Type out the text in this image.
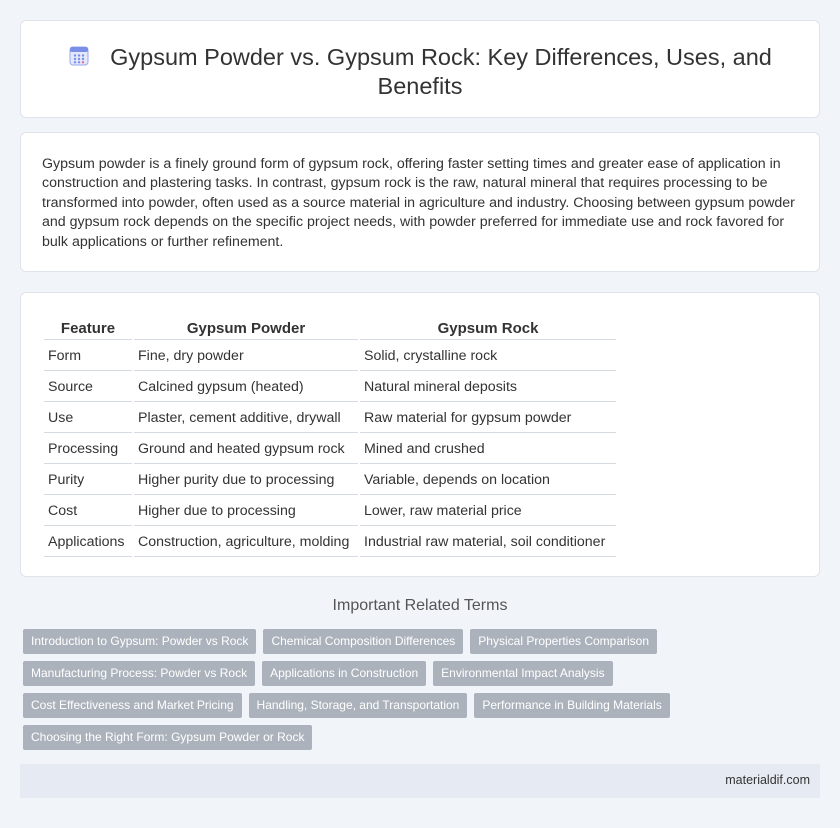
Gypsum Powder vs. Gypsum Rock: Key Differences, Uses, and Benefits

Gypsum powder is a finely ground form of gypsum rock, offering faster setting times and greater ease of application in construction and plastering tasks. In contrast, gypsum rock is the raw, natural mineral that requires processing to be transformed into powder, often used as a source material in agriculture and industry. Choosing between gypsum powder and gypsum rock depends on the specific project needs, with powder preferred for immediate use and rock favored for bulk applications or further refinement.

Feature	Gypsum Powder	Gypsum Rock
Form	Fine, dry powder	Solid, crystalline rock
Source	Calcined gypsum (heated)	Natural mineral deposits
Use	Plaster, cement additive, drywall	Raw material for gypsum powder
Processing	Ground and heated gypsum rock	Mined and crushed
Purity	Higher purity due to processing	Variable, depends on location
Cost	Higher due to processing	Lower, raw material price
Applications	Construction, agriculture, molding	Industrial raw material, soil conditioner
Important Related Terms
Introduction to Gypsum: Powder vs Rock	Chemical Composition Differences	Physical Properties Comparison
Manufacturing Process: Powder vs Rock	Applications in Construction	Environmental Impact Analysis
Cost Effectiveness and Market Pricing	Handling, Storage, and Transportation	Performance in Building Materials
Choosing the Right Form: Gypsum Powder or Rock
materialdif.com
